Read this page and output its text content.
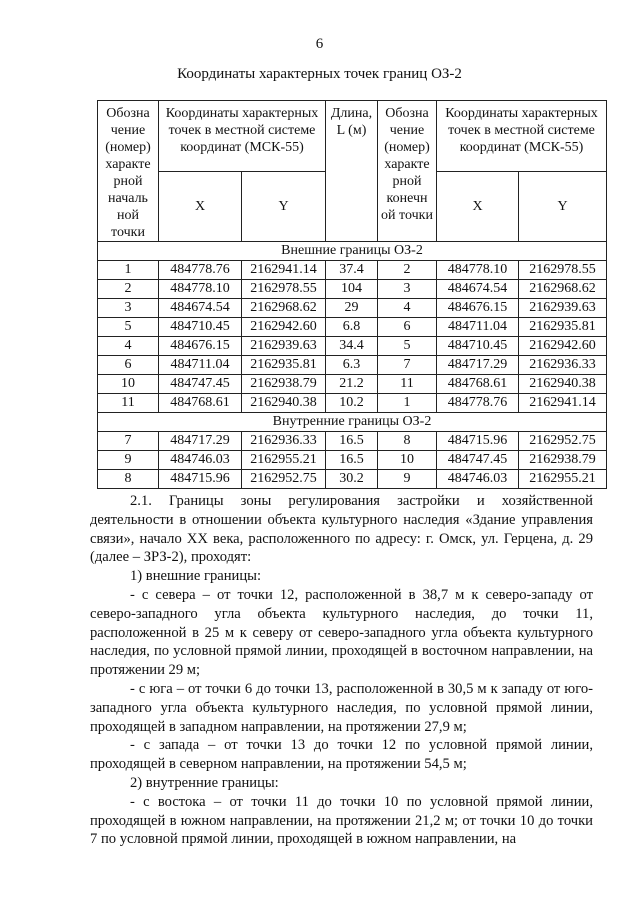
6
Координаты характерных точек границ ОЗ-2
Обозна чение (номер) характе рной началь ной точки	Координаты характерных точек в местной системе координат (МСК-55)		Длина, L (м)	Обозна чение (номер) характе рной конечн ой точки	Координаты характерных точек в местной системе координат (МСК-55)	
	X	Y			X	Y
Внешние границы ОЗ-2						
1	484778.76	2162941.14	37.4	2	484778.10	2162978.55
2	484778.10	2162978.55	104	3	484674.54	2162968.62
3	484674.54	2162968.62	29	4	484676.15	2162939.63
5	484710.45	2162942.60	6.8	6	484711.04	2162935.81
4	484676.15	2162939.63	34.4	5	484710.45	2162942.60
6	484711.04	2162935.81	6.3	7	484717.29	2162936.33
10	484747.45	2162938.79	21.2	11	484768.61	2162940.38
11	484768.61	2162940.38	10.2	1	484778.76	2162941.14
Внутренние границы ОЗ-2						
7	484717.29	2162936.33	16.5	8	484715.96	2162952.75
9	484746.03	2162955.21	16.5	10	484747.45	2162938.79
8	484715.96	2162952.75	30.2	9	484746.03	2162955.21

2.1. Границы зоны регулирования застройки и хозяйственной деятельности в отношении объекта культурного наследия «Здание управления связи», начало XX века, расположенного по адресу: г. Омск, ул. Герцена, д. 29 (далее – ЗРЗ-2), проходят:

1) внешние границы:

- с севера – от точки 12, расположенной в 38,7 м к северо-западу от северо-западного угла объекта культурного наследия, до точки 11, расположенной в 25 м к северу от северо-западного угла объекта культурного наследия, по условной прямой линии, проходящей в восточном направлении, на протяжении 29 м;

- с юга – от точки 6 до точки 13, расположенной в 30,5 м к западу от юго-западного угла объекта культурного наследия, по условной прямой линии, проходящей в западном направлении, на протяжении 27,9 м;

- с запада – от точки 13 до точки 12 по условной прямой линии, проходящей в северном направлении, на протяжении 54,5 м;

2) внутренние границы:

- с востока – от точки 11 до точки 10 по условной прямой линии, проходящей в южном направлении, на протяжении 21,2 м; от точки 10 до точки 7 по условной прямой линии, проходящей в южном направлении, на
